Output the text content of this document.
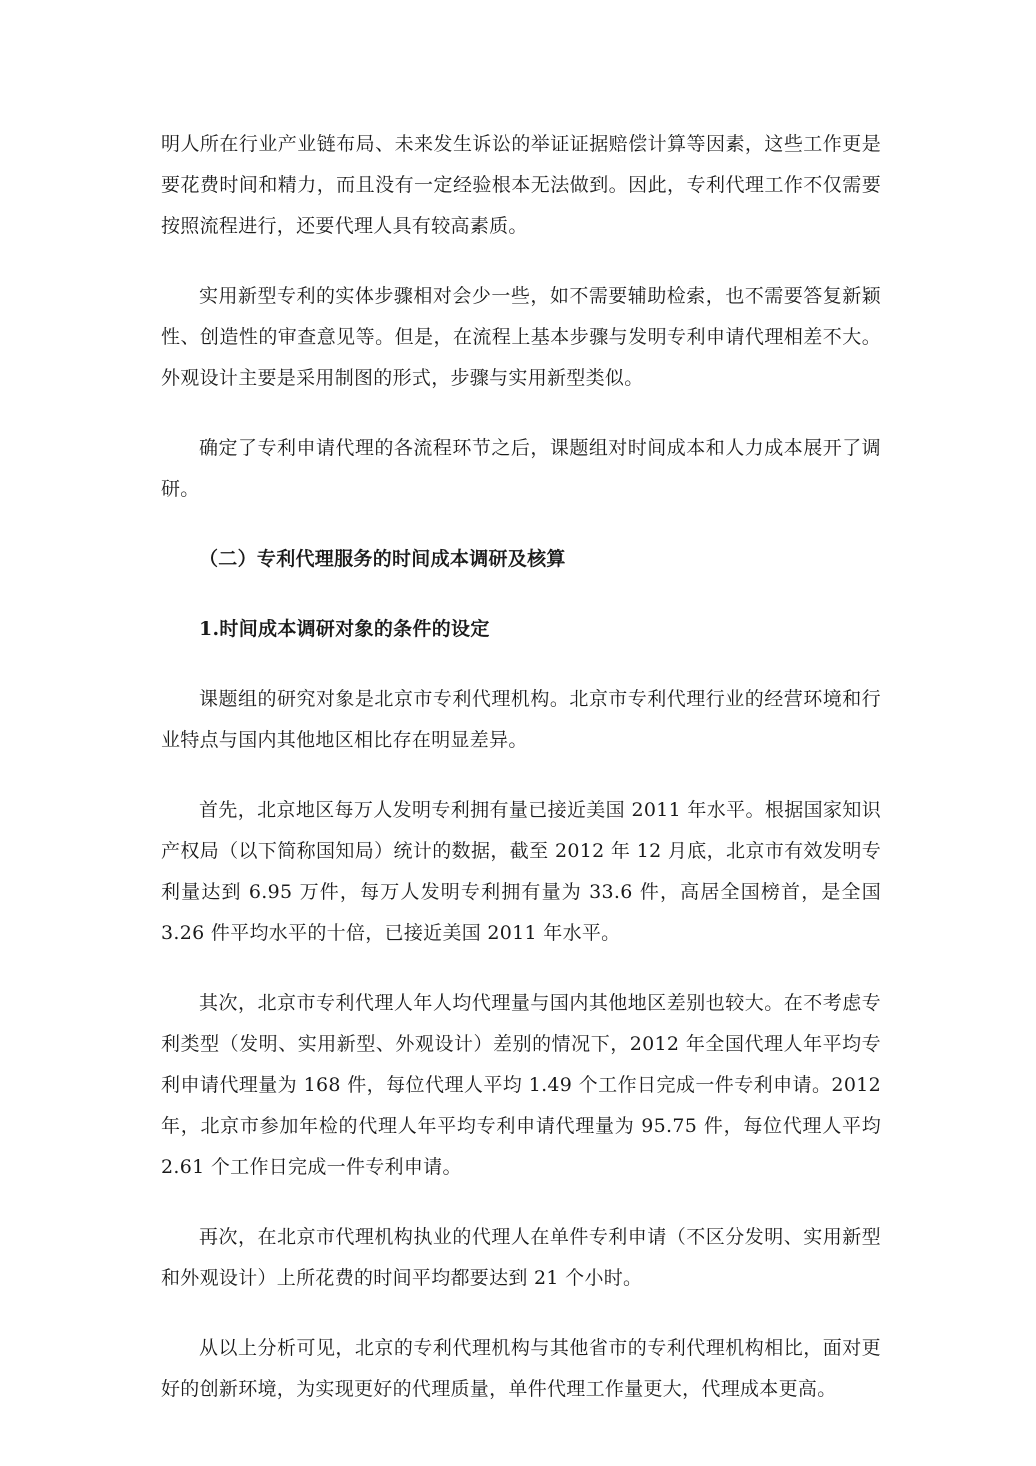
明人所在行业产业链布局、未来发生诉讼的举证证据赔偿计算等因素，这些工作更是要花费时间和精力，而且没有一定经验根本无法做到。因此，专利代理工作不仅需要按照流程进行，还要代理人具有较高素质。

实用新型专利的实体步骤相对会少一些，如不需要辅助检索，也不需要答复新颖性、创造性的审查意见等。但是，在流程上基本步骤与发明专利申请代理相差不大。外观设计主要是采用制图的形式，步骤与实用新型类似。

确定了专利申请代理的各流程环节之后，课题组对时间成本和人力成本展开了调研。

（二）专利代理服务的时间成本调研及核算

1.时间成本调研对象的条件的设定

课题组的研究对象是北京市专利代理机构。北京市专利代理行业的经营环境和行业特点与国内其他地区相比存在明显差异。

首先，北京地区每万人发明专利拥有量已接近美国 2011 年水平。根据国家知识产权局（以下简称国知局）统计的数据，截至 2012 年 12 月底，北京市有效发明专利量达到 6.95 万件，每万人发明专利拥有量为 33.6 件，高居全国榜首，是全国 3.26 件平均水平的十倍，已接近美国 2011 年水平。

其次，北京市专利代理人年人均代理量与国内其他地区差别也较大。在不考虑专利类型（发明、实用新型、外观设计）差别的情况下，2012 年全国代理人年平均专利申请代理量为 168 件，每位代理人平均 1.49 个工作日完成一件专利申请。2012 年，北京市参加年检的代理人年平均专利申请代理量为 95.75 件，每位代理人平均 2.61 个工作日完成一件专利申请。

再次，在北京市代理机构执业的代理人在单件专利申请（不区分发明、实用新型和外观设计）上所花费的时间平均都要达到 21 个小时。

从以上分析可见，北京的专利代理机构与其他省市的专利代理机构相比，面对更好的创新环境，为实现更好的代理质量，单件代理工作量更大，代理成本更高。
